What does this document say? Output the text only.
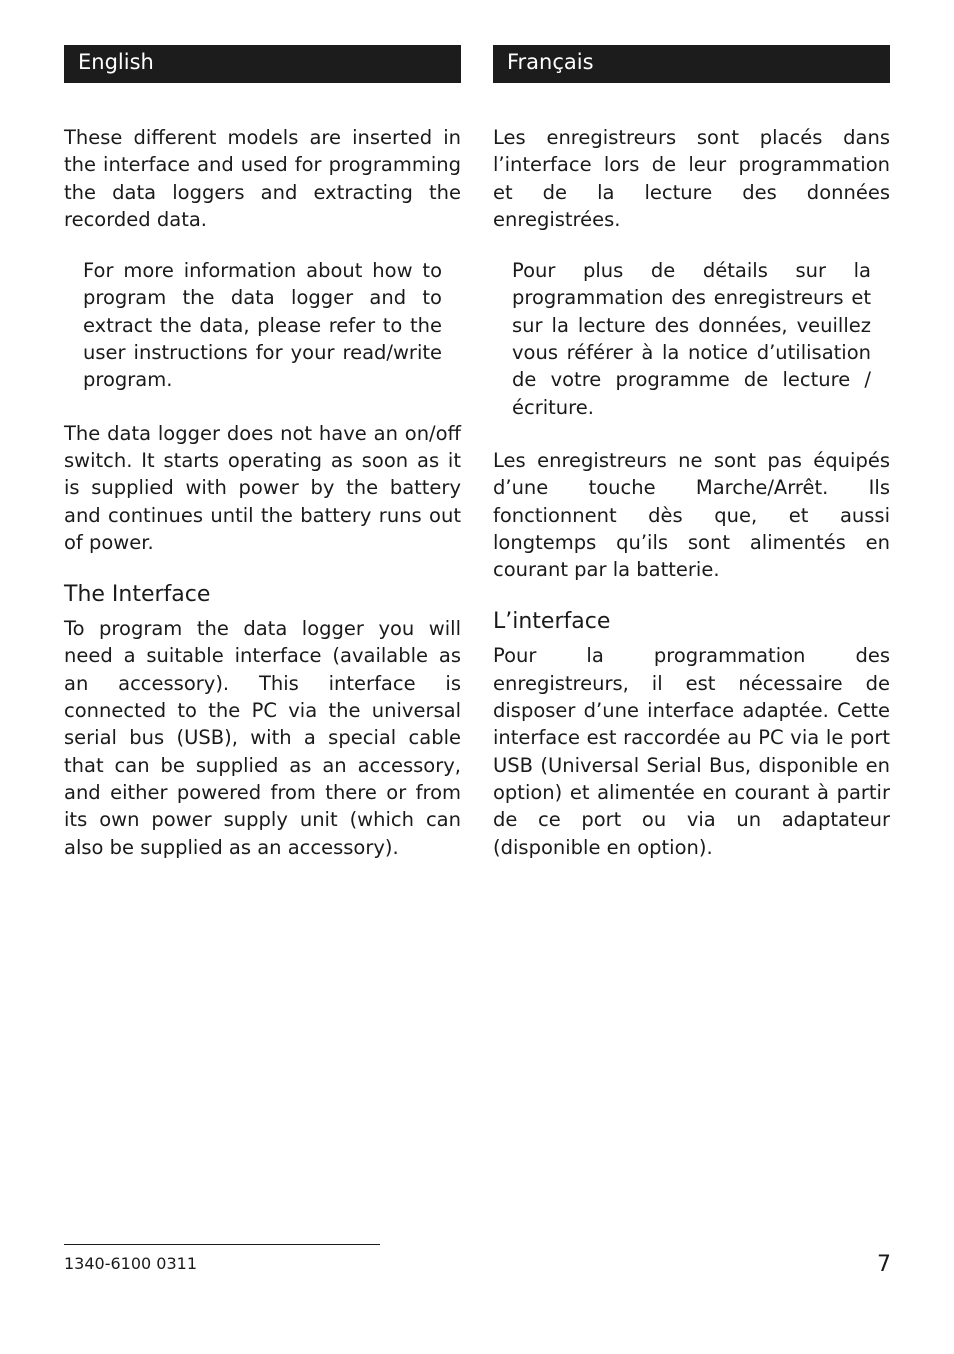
English

These different models are inserted in the interface and used for programming the data loggers and extracting the recorded data.

For more information about how to program the data logger and to extract the data, please refer to the user instructions for your read/write program.

The data logger does not have an on/off switch. It starts operating as soon as it is supplied with power by the battery and continues until the battery runs out of power.

The Interface

To program the data logger you will need a suitable interface (available as an accessory). This interface is connected to the PC via the universal serial bus (USB), with a special cable that can be supplied as an accessory, and either powered from there or from its own power supply unit (which can also be supplied as an accessory).

Français

Les enregistreurs sont placés dans l’interface lors de leur programmation et de la lecture des données enregistrées.

Pour plus de détails sur la programmation des enregistreurs et sur la lecture des données, veuillez vous référer à la notice d’utilisation de votre programme de lecture /écriture.

Les enregistreurs ne sont pas équipés d’une touche Marche/Arrêt. Ils fonctionnent dès que, et aussi longtemps qu’ils sont alimentés en courant par la batterie.

L’interface

Pour la programmation des enregistreurs, il est nécessaire de disposer d’une interface adaptée. Cette interface est raccordée au PC via le port USB (Universal Serial Bus, disponible en option) et alimentée en courant à partir de ce port ou via un adaptateur (disponible en option).

1340-6100 0311	7
